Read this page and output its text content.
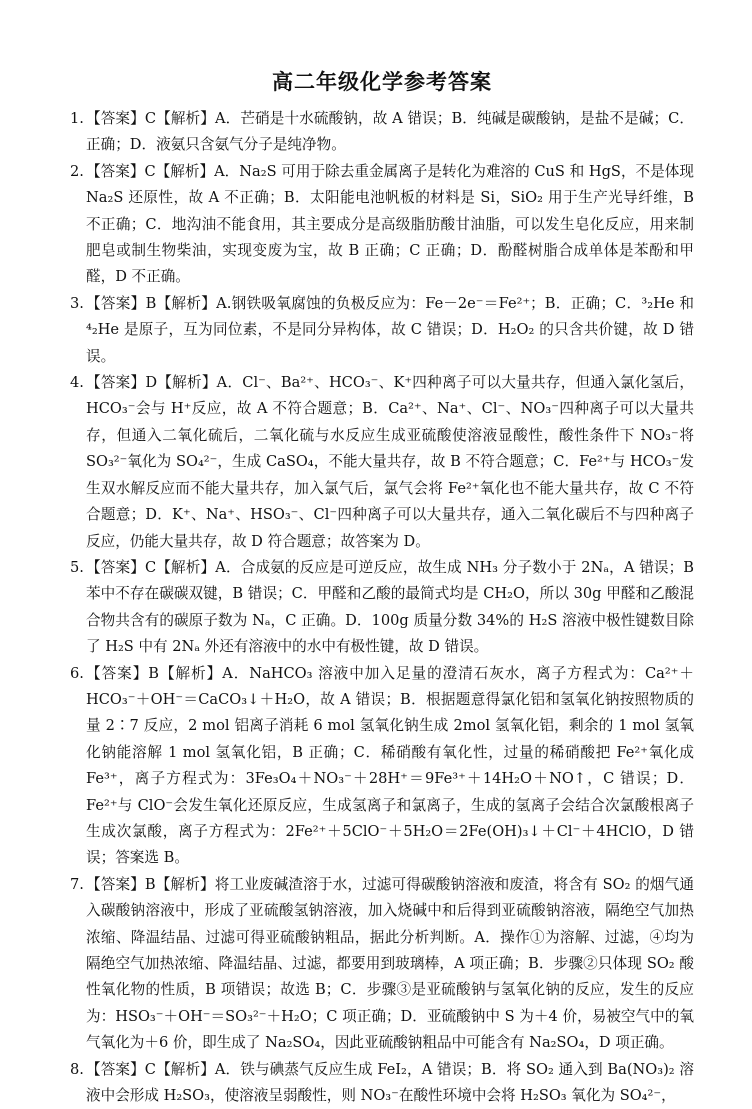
高二年级化学参考答案
1. 【答案】C【解析】A．芒硝是十水硫酸钠，故 A 错误；B．纯碱是碳酸钠，是盐不是碱；C．正确；D．液氨只含氨气分子是纯净物。
2. 【答案】C【解析】A．Na₂S 可用于除去重金属离子是转化为难溶的 CuS 和 HgS，不是体现 Na₂S 还原性，故 A 不正确；B．太阳能电池帆板的材料是 Si，SiO₂ 用于生产光导纤维，B 不正确；C．地沟油不能食用，其主要成分是高级脂肪酸甘油脂，可以发生皂化反应，用来制肥皂或制生物柴油，实现变废为宝，故 B 正确；C 正确；D．酚醛树脂合成单体是苯酚和甲醛，D 不正确。
3. 【答案】B【解析】A.钢铁吸氧腐蚀的负极反应为：Fe－2e⁻＝Fe²⁺；B．正确；C．³₂He 和 ⁴₂He 是原子，互为同位素，不是同分异构体，故 C 错误；D．H₂O₂ 的只含共价键，故 D 错误。
4. 【答案】D【解析】A．Cl⁻、Ba²⁺、HCO₃⁻、K⁺四种离子可以大量共存，但通入氯化氢后，HCO₃⁻会与 H⁺反应，故 A 不符合题意；B．Ca²⁺、Na⁺、Cl⁻、NO₃⁻四种离子可以大量共存，但通入二氧化硫后，二氧化硫与水反应生成亚硫酸使溶液显酸性，酸性条件下 NO₃⁻将 SO₃²⁻氧化为 SO₄²⁻，生成 CaSO₄，不能大量共存，故 B 不符合题意；C．Fe²⁺与 HCO₃⁻发生双水解反应而不能大量共存，加入氯气后，氯气会将 Fe²⁺氧化也不能大量共存，故 C 不符合题意；D．K⁺、Na⁺、HSO₃⁻、Cl⁻四种离子可以大量共存，通入二氧化碳后不与四种离子反应，仍能大量共存，故 D 符合题意；故答案为 D。
5. 【答案】C【解析】A．合成氨的反应是可逆反应，故生成 NH₃ 分子数小于 2Nₐ，A 错误；B 苯中不存在碳碳双键，B 错误；C．甲醛和乙酸的最简式均是 CH₂O，所以 30g 甲醛和乙酸混合物共含有的碳原子数为 Nₐ，C 正确。D．100g 质量分数 34%的 H₂S 溶液中极性键数目除了 H₂S 中有 2Nₐ 外还有溶液中的水中有极性键，故 D 错误。
6. 【答案】B【解析】A．NaHCO₃ 溶液中加入足量的澄清石灰水，离子方程式为：Ca²⁺＋HCO₃⁻＋OH⁻＝CaCO₃↓＋H₂O，故 A 错误；B．根据题意得氯化铝和氢氧化钠按照物质的量 2∶7 反应，2 mol 铝离子消耗 6 mol 氢氧化钠生成 2mol 氢氧化铝，剩余的 1 mol 氢氧化钠能溶解 1 mol 氢氧化铝，B 正确；C．稀硝酸有氧化性，过量的稀硝酸把 Fe²⁺氧化成 Fe³⁺，离子方程式为：3Fe₃O₄＋NO₃⁻＋28H⁺＝9Fe³⁺＋14H₂O＋NO↑，C 错误；D．Fe²⁺与 ClO⁻会发生氧化还原反应，生成氢离子和氯离子，生成的氢离子会结合次氯酸根离子生成次氯酸，离子方程式为：2Fe²⁺＋5ClO⁻＋5H₂O＝2Fe(OH)₃↓＋Cl⁻＋4HClO，D 错误；答案选 B。
7. 【答案】B【解析】将工业废碱渣溶于水，过滤可得碳酸钠溶液和废渣，将含有 SO₂ 的烟气通入碳酸钠溶液中，形成了亚硫酸氢钠溶液，加入烧碱中和后得到亚硫酸钠溶液，隔绝空气加热浓缩、降温结晶、过滤可得亚硫酸钠粗品，据此分析判断。A．操作①为溶解、过滤，④均为隔绝空气加热浓缩、降温结晶、过滤，都要用到玻璃棒，A 项正确；B．步骤②只体现 SO₂ 酸性氧化物的性质，B 项错误；故选 B；C．步骤③是亚硫酸钠与氢氧化钠的反应，发生的反应为：HSO₃⁻＋OH⁻＝SO₃²⁻＋H₂O；C 项正确；D．亚硫酸钠中 S 为＋4 价，易被空气中的氧气氧化为＋6 价，即生成了 Na₂SO₄，因此亚硫酸钠粗品中可能含有 Na₂SO₄，D 项正确。
8. 【答案】C【解析】A．铁与碘蒸气反应生成 FeI₂，A 错误；B．将 SO₂ 通入到 Ba(NO₃)₂ 溶液中会形成 H₂SO₃，使溶液呈弱酸性，则 NO₃⁻在酸性环境中会将 H₂SO₃ 氧化为 SO₄²⁻，
